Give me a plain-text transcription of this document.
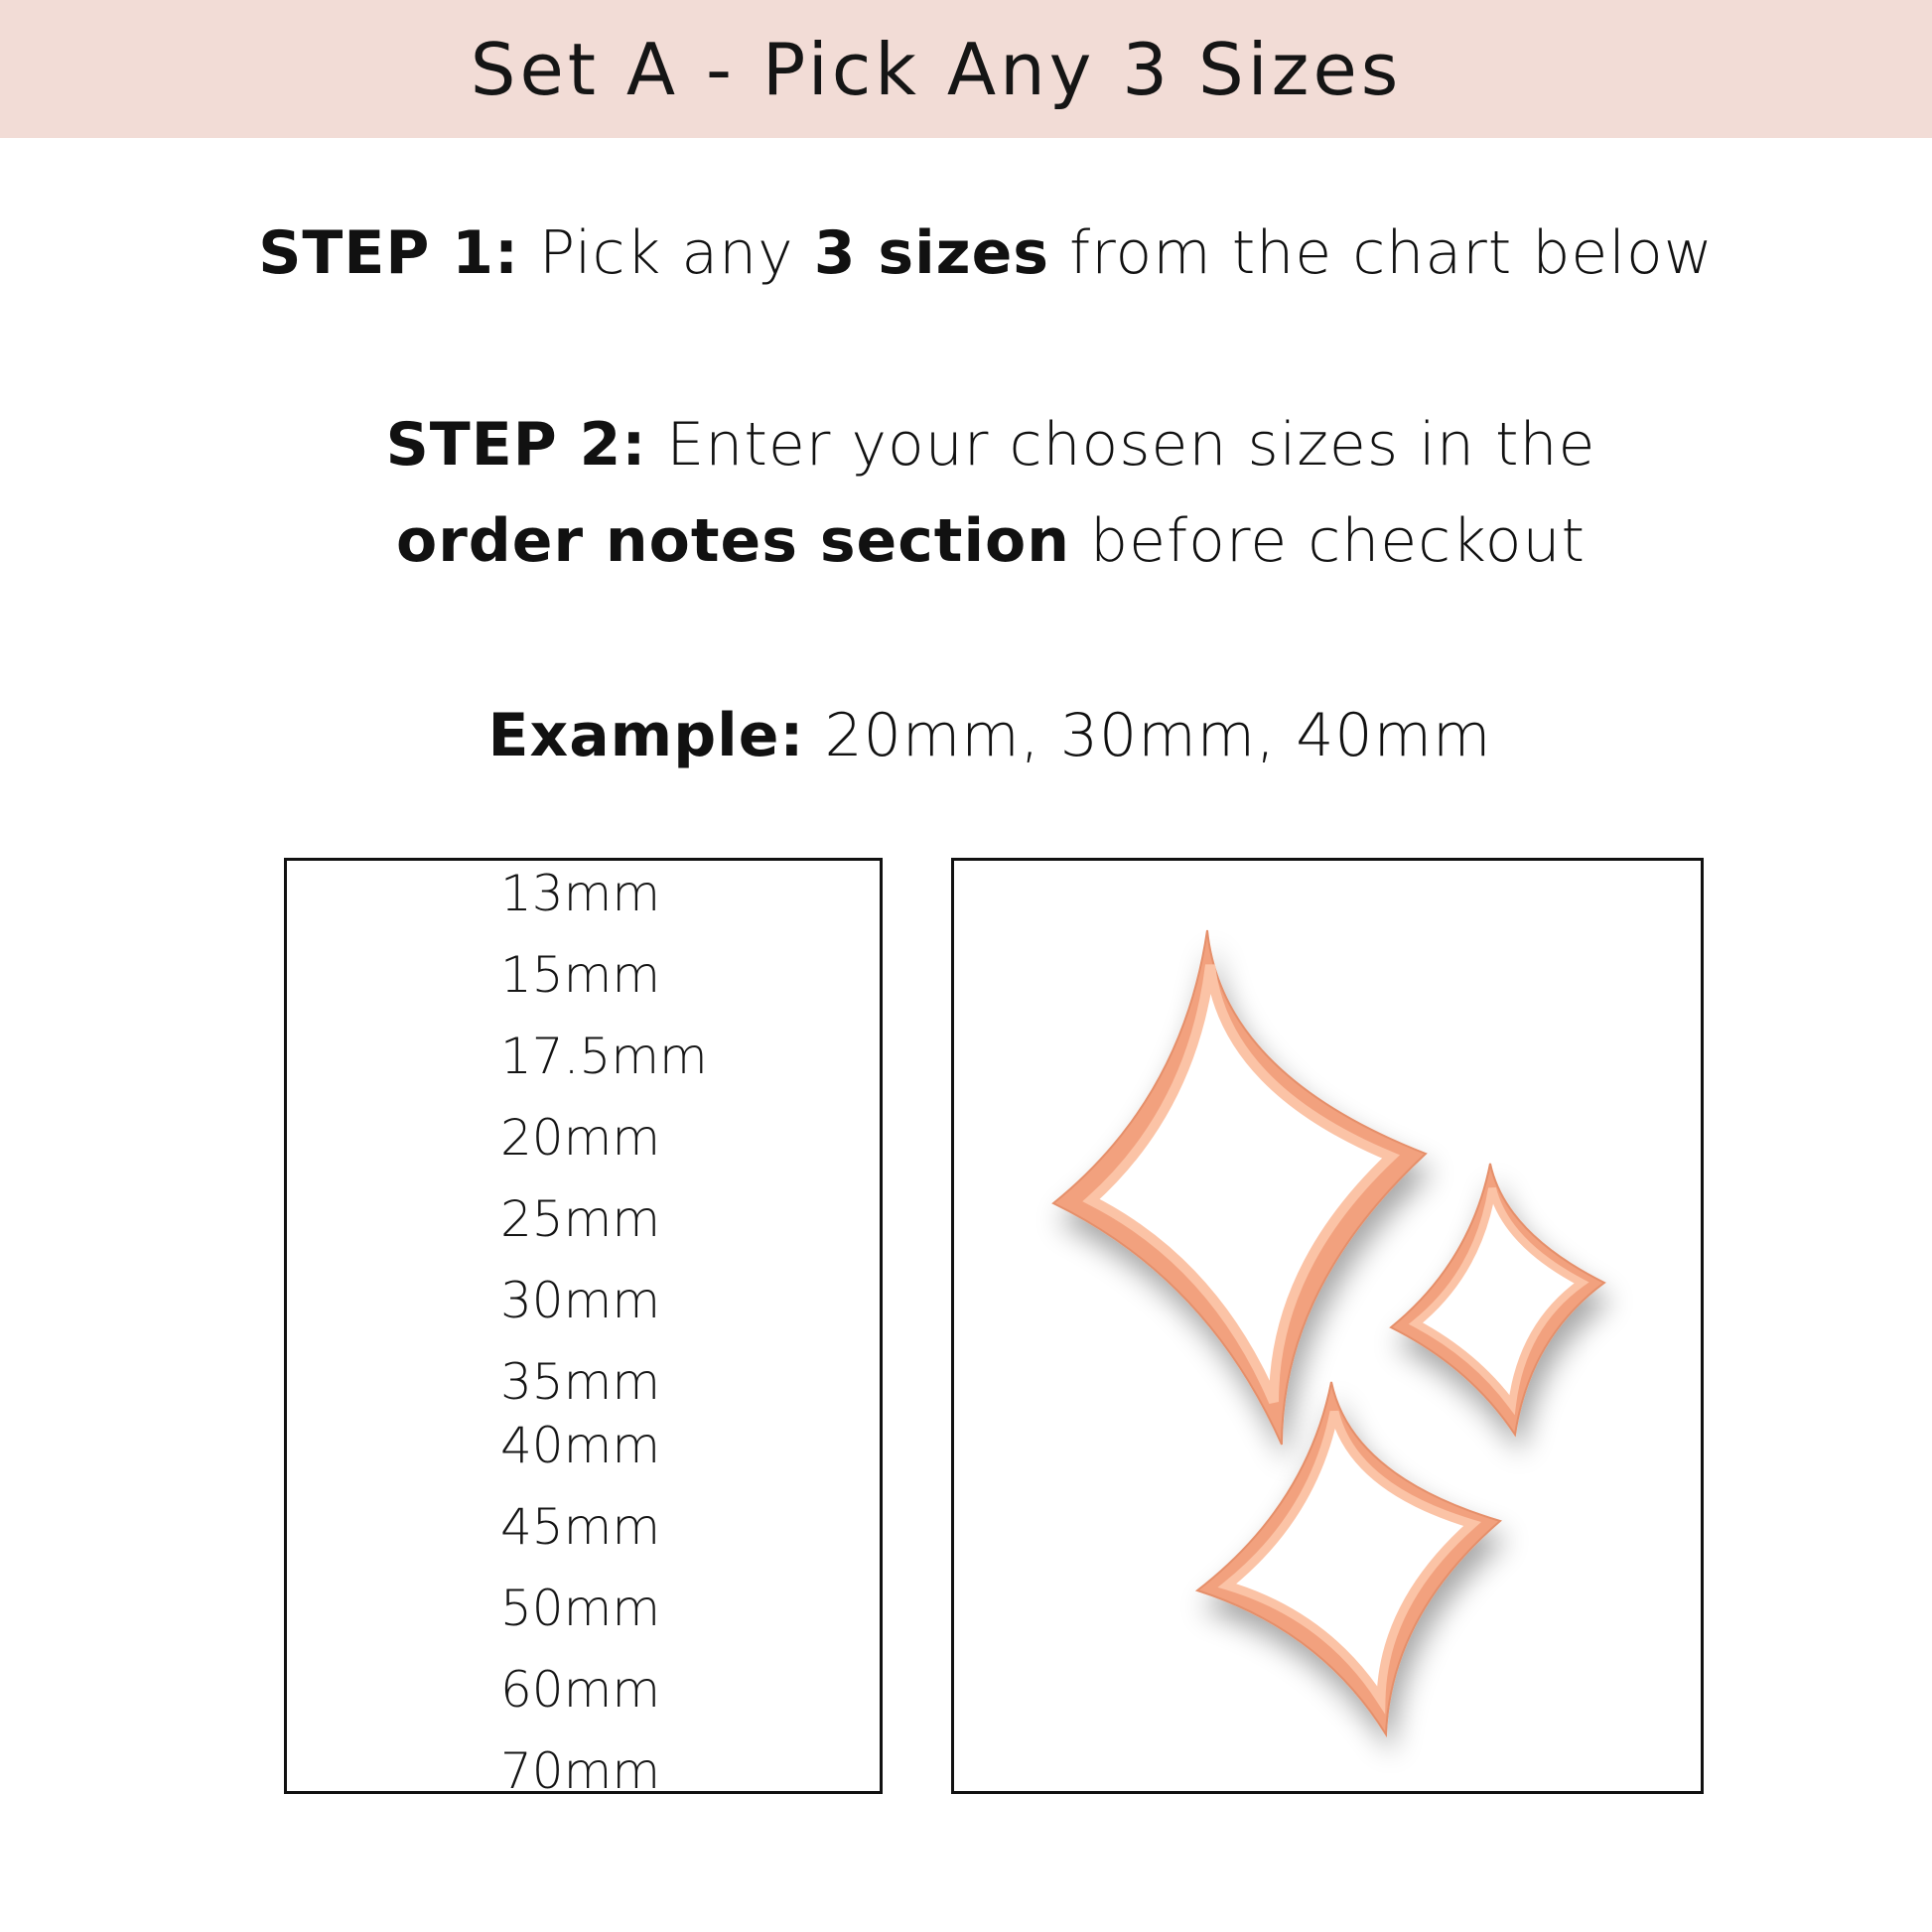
Set A - Pick Any 3 Sizes
STEP 1: Pick any 3 sizes from the chart below
STEP 2: Enter your chosen sizes in the
order notes section before checkout
Example: 20mm, 30mm, 40mm
13mm
15mm
17.5mm
20mm
25mm
30mm
35mm
40mm
45mm
50mm
60mm
70mm
